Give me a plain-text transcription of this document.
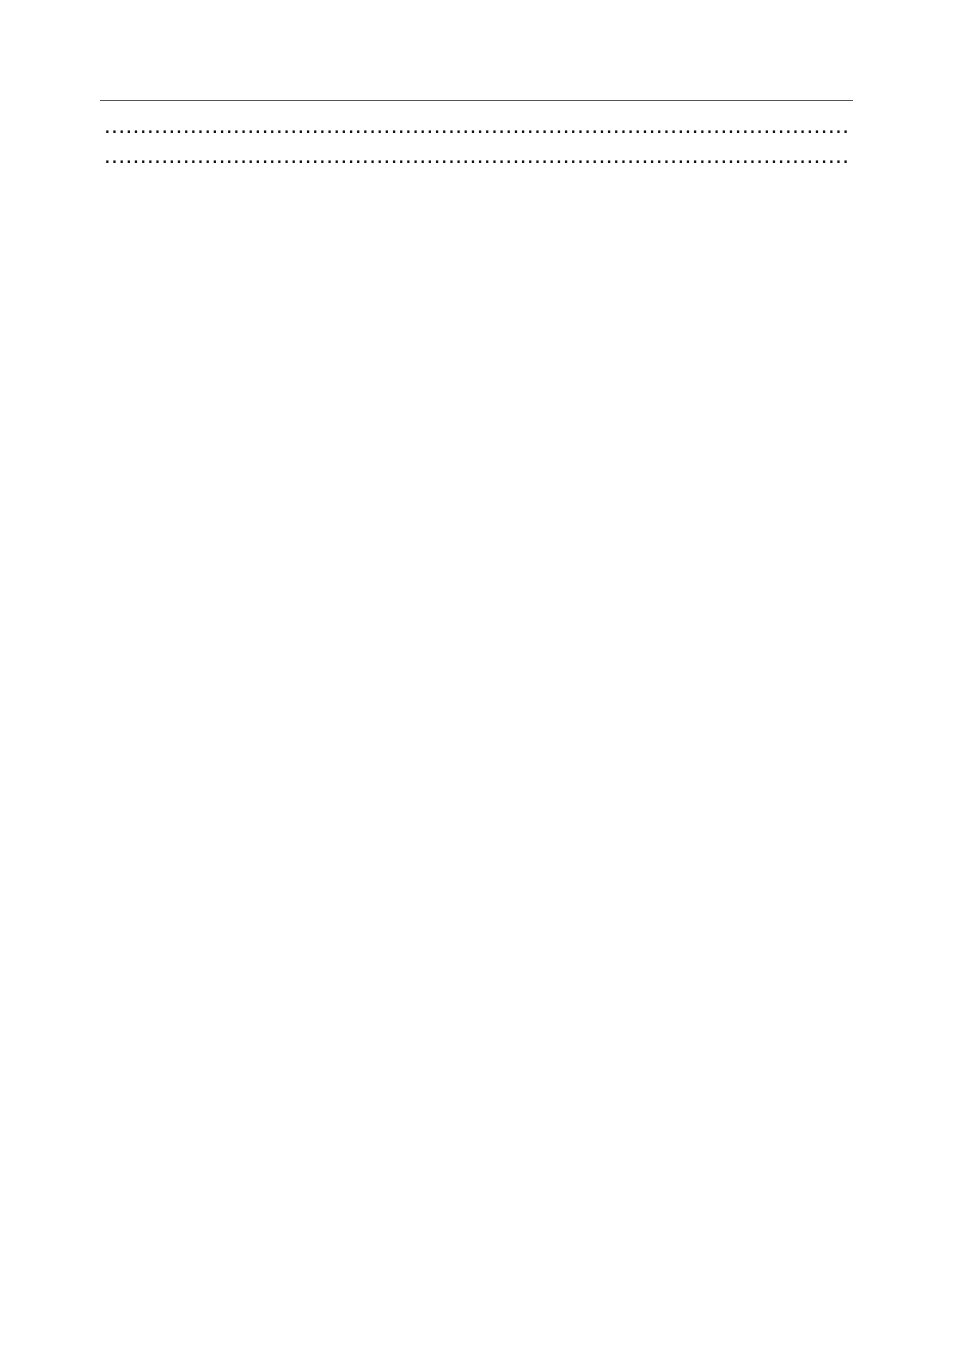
.....
.....
